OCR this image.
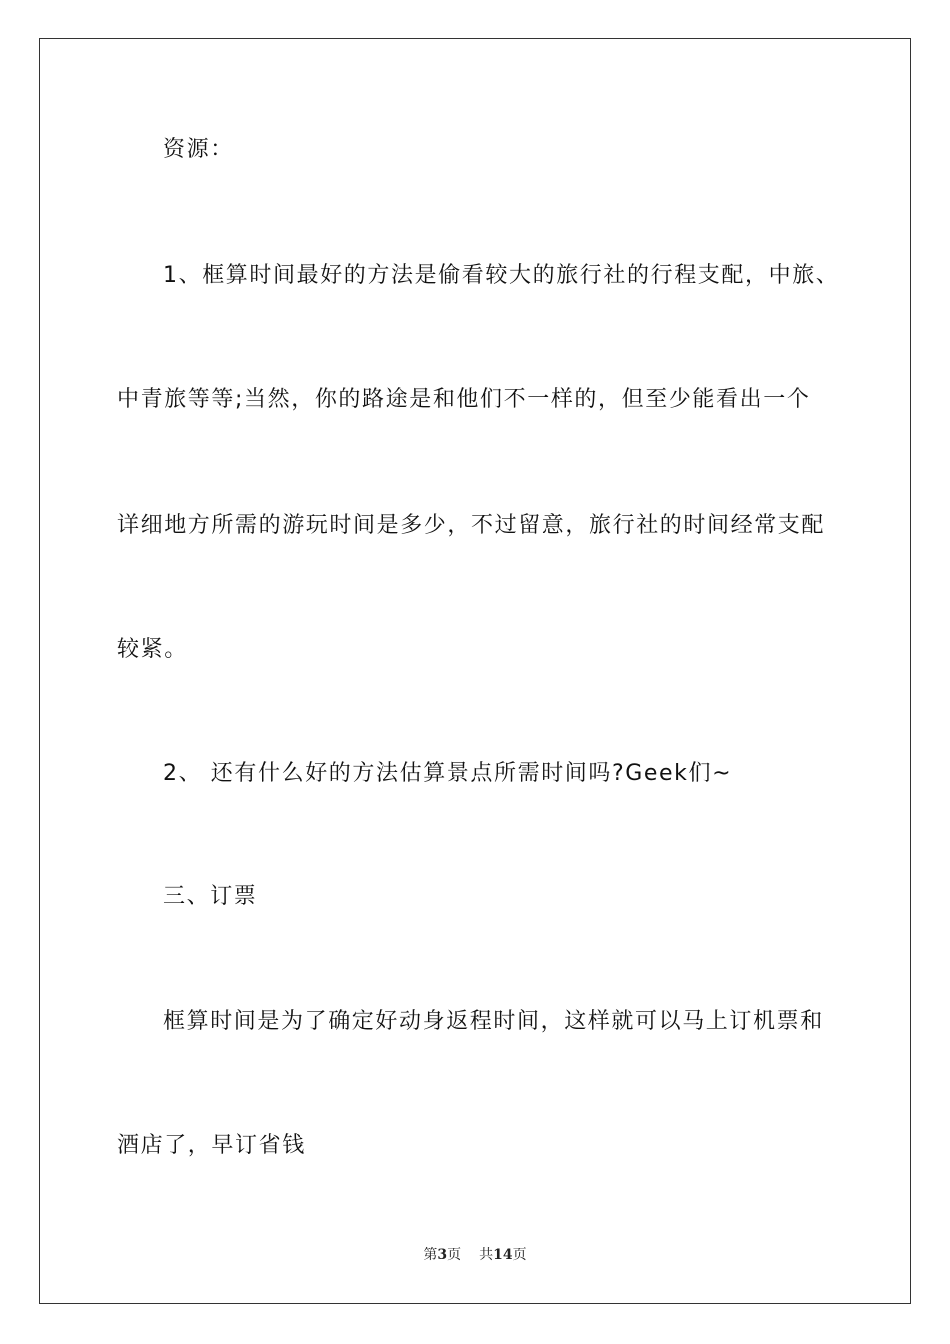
资源：
1、框算时间最好的方法是偷看较大的旅行社的行程支配，中旅、
中青旅等等;当然，你的路途是和他们不一样的，但至少能看出一个
详细地方所需的游玩时间是多少，不过留意，旅行社的时间经常支配
较紧。
2、 还有什么好的方法估算景点所需时间吗?Geek们~
三、订票
框算时间是为了确定好动身返程时间，这样就可以马上订机票和
酒店了，早订省钱
第3页 共14页
